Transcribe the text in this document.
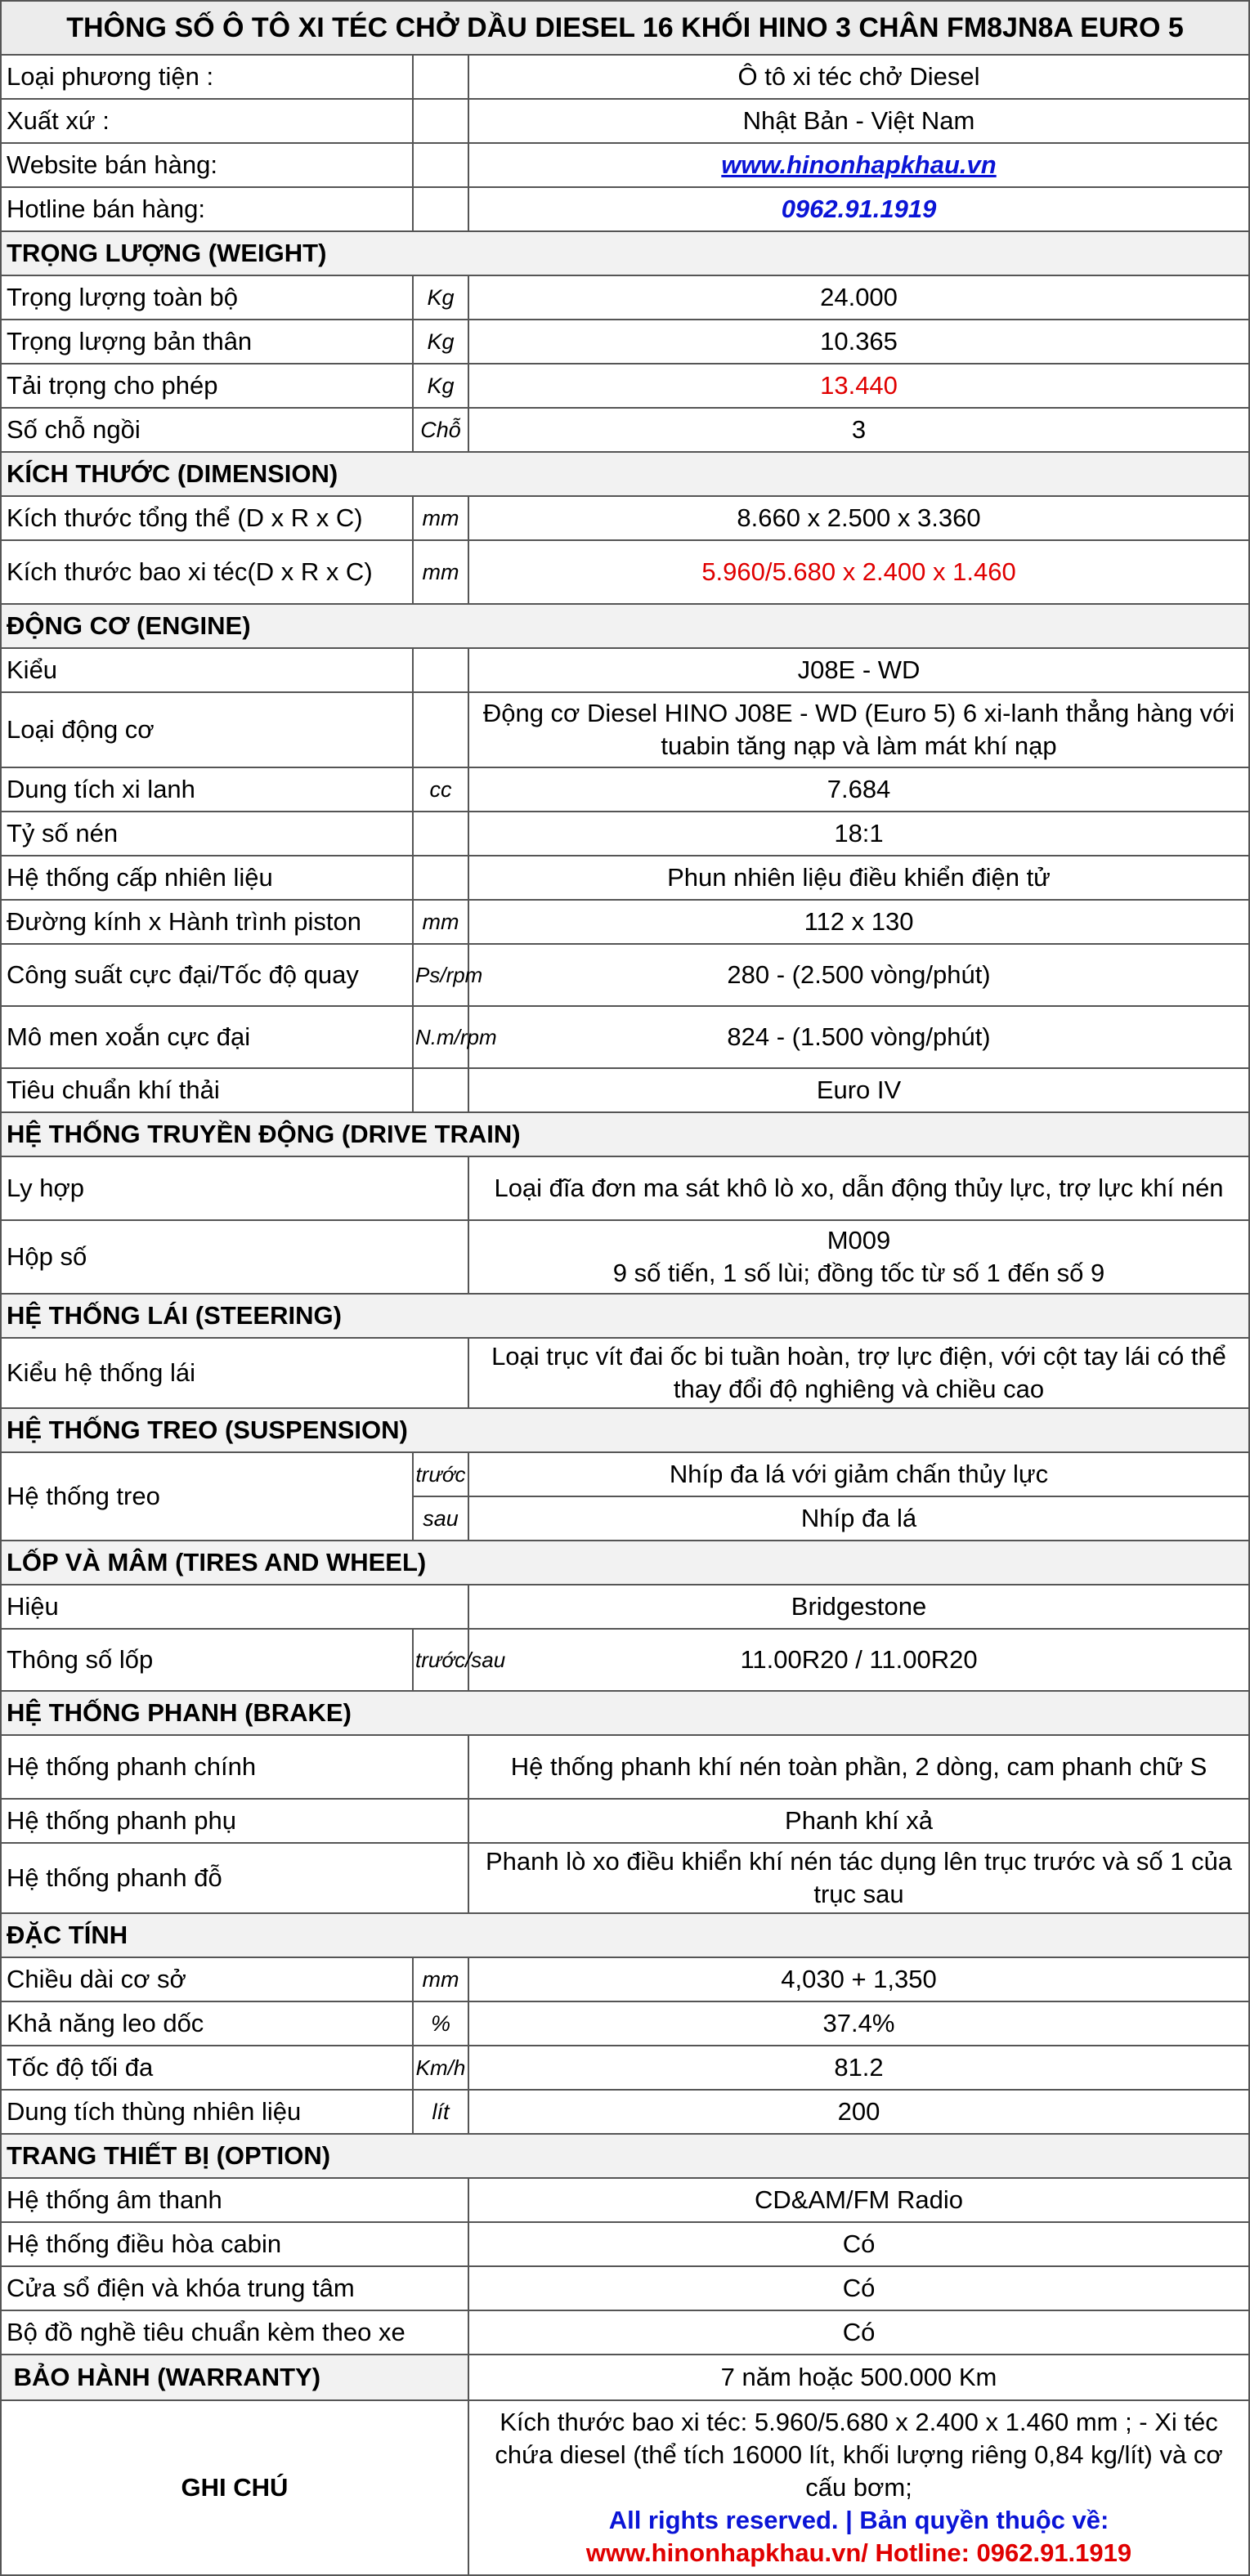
THÔNG SỐ Ô TÔ XI TÉC CHỞ DẦU DIESEL 16 KHỐI HINO 3 CHÂN FM8JN8A EURO 5		
Loại phương tiện :		Ô tô xi téc chở Diesel
Xuất xứ :		Nhật Bản - Việt Nam
Website bán hàng:		www.hinonhapkhau.vn
Hotline bán hàng:		0962.91.1919
TRỌNG LƯỢNG (WEIGHT)		
Trọng lượng toàn bộ	Kg	24.000
Trọng lượng bản thân	Kg	10.365
Tải trọng cho phép	Kg	13.440
Số chỗ ngồi	Chỗ	3
KÍCH THƯỚC (DIMENSION)		
Kích thước tổng thể (D x R x C)	mm	8.660 x 2.500 x 3.360
Kích thước bao xi téc(D x R x C)	mm	5.960/5.680 x 2.400 x 1.460
ĐỘNG CƠ (ENGINE)		
Kiểu		J08E - WD
Loại động cơ		Động cơ Diesel HINO J08E - WD (Euro 5) 6 xi-lanh thẳng hàng với tuabin tăng nạp và làm mát khí nạp
Dung tích xi lanh	cc	7.684
Tỷ số nén		18:1
Hệ thống cấp nhiên liệu		Phun nhiên liệu điều khiển điện tử
Đường kính x Hành trình piston	mm	112 x 130
Công suất cực đại/Tốc độ quay	Ps/rpm	280 - (2.500 vòng/phút)
Mô men xoắn cực đại	N.m/rpm	824 - (1.500 vòng/phút)
Tiêu chuẩn khí thải		Euro IV
HỆ THỐNG TRUYỀN ĐỘNG (DRIVE TRAIN)		
Ly hợp		Loại đĩa đơn ma sát khô lò xo, dẫn động thủy lực, trợ lực khí nén
Hộp số		M009
9 số tiến, 1 số lùi; đồng tốc từ số 1 đến số 9

HỆ THỐNG LÁI (STEERING)		
Kiểu hệ thống lái		Loại trục vít đai ốc bi tuần hoàn, trợ lực điện, với cột tay lái có thể thay đổi độ nghiêng và chiều cao
HỆ THỐNG TREO (SUSPENSION)		
Hệ thống treo	trước	Nhíp đa lá với giảm chấn thủy lực
	sau	Nhíp đa lá
LỐP VÀ MÂM (TIRES AND WHEEL)		
Hiệu		Bridgestone
Thông số lốp	trước/sau	11.00R20 / 11.00R20
HỆ THỐNG PHANH (BRAKE)		
Hệ thống phanh chính		Hệ thống phanh khí nén toàn phần, 2 dòng, cam phanh chữ S
Hệ thống phanh phụ		Phanh khí xả
Hệ thống phanh đỗ		Phanh lò xo điều khiển khí nén tác dụng lên trục trước và số 1 của trục sau
ĐẶC TÍNH		
Chiều dài cơ sở	mm	4,030 + 1,350
Khả năng leo dốc	%	37.4%
Tốc độ tối đa	Km/h	81.2
Dung tích thùng nhiên liệu	lít	200
TRANG THIẾT BỊ (OPTION)		
Hệ thống âm thanh		CD&AM/FM Radio
Hệ thống điều hòa cabin		Có
Cửa sổ điện và khóa trung tâm		Có
Bộ đồ nghề tiêu chuẩn kèm theo xe		Có
BẢO HÀNH (WARRANTY)		7 năm hoặc 500.000 Km
GHI CHÚ		Kích thước bao xi téc: 5.960/5.680 x 2.400 x 1.460 mm ; - Xi téc chứa diesel (thể tích 16000 lít, khối lượng riêng 0,84 kg/lít) và cơ cấu bơm;
All rights reserved. | Bản quyền thuộc về:
www.hinonhapkhau.vn/ Hotline: 0962.91.1919
